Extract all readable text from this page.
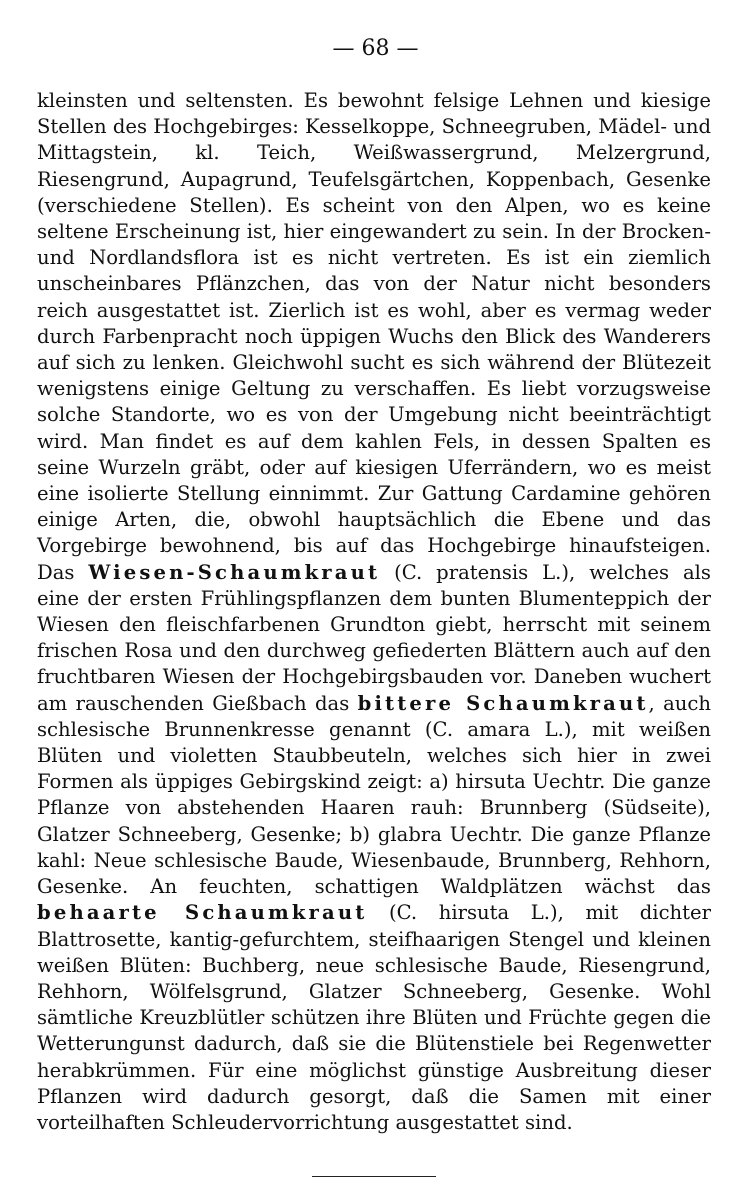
— 68 —

kleinsten und seltensten. Es bewohnt felsige Lehnen und kiesige Stellen des Hochgebirges: Kesselkoppe, Schneegruben, Mädel- und Mittagstein, kl. Teich, Weißwassergrund, Melzergrund, Riesengrund, Aupagrund, Teufelsgärtchen, Koppenbach, Gesenke (verschiedene Stellen). Es scheint von den Alpen, wo es keine seltene Erscheinung ist, hier eingewandert zu sein. In der Brocken- und Nordlandsflora ist es nicht vertreten. Es ist ein ziemlich unscheinbares Pflänzchen, das von der Natur nicht besonders reich ausgestattet ist. Zierlich ist es wohl, aber es vermag weder durch Farbenpracht noch üppigen Wuchs den Blick des Wanderers auf sich zu lenken. Gleichwohl sucht es sich während der Blütezeit wenigstens einige Geltung zu verschaffen. Es liebt vorzugsweise solche Standorte, wo es von der Umgebung nicht beeinträchtigt wird. Man findet es auf dem kahlen Fels, in dessen Spalten es seine Wurzeln gräbt, oder auf kiesigen Uferrändern, wo es meist eine isolierte Stellung einnimmt. Zur Gattung Cardamine gehören einige Arten, die, obwohl hauptsächlich die Ebene und das Vorgebirge bewohnend, bis auf das Hochgebirge hinaufsteigen. Das Wiesen-Schaumkraut (C. pratensis L.), welches als eine der ersten Frühlingspflanzen dem bunten Blumenteppich der Wiesen den fleischfarbenen Grundton giebt, herrscht mit seinem frischen Rosa und den durchweg gefiederten Blättern auch auf den fruchtbaren Wiesen der Hochgebirgsbauden vor. Daneben wuchert am rauschenden Gießbach das bittere Schaumkraut, auch schlesische Brunnenkresse genannt (C. amara L.), mit weißen Blüten und violetten Staubbeuteln, welches sich hier in zwei Formen als üppiges Gebirgskind zeigt: a) hirsuta Uechtr. Die ganze Pflanze von abstehenden Haaren rauh: Brunnberg (Südseite), Glatzer Schneeberg, Gesenke; b) glabra Uechtr. Die ganze Pflanze kahl: Neue schlesische Baude, Wiesenbaude, Brunnberg, Rehhorn, Gesenke. An feuchten, schattigen Waldplätzen wächst das behaarte Schaumkraut (C. hirsuta L.), mit dichter Blattrosette, kantig-gefurchtem, steifhaarigen Stengel und kleinen weißen Blüten: Buchberg, neue schlesische Baude, Riesengrund, Rehhorn, Wölfelsgrund, Glatzer Schneeberg, Gesenke. Wohl sämtliche Kreuzblütler schützen ihre Blüten und Früchte gegen die Wetterungunst dadurch, daß sie die Blütenstiele bei Regenwetter herabkrümmen. Für eine möglichst günstige Ausbreitung dieser Pflanzen wird dadurch gesorgt, daß die Samen mit einer vorteilhaften Schleudervorrichtung ausgestattet sind.
